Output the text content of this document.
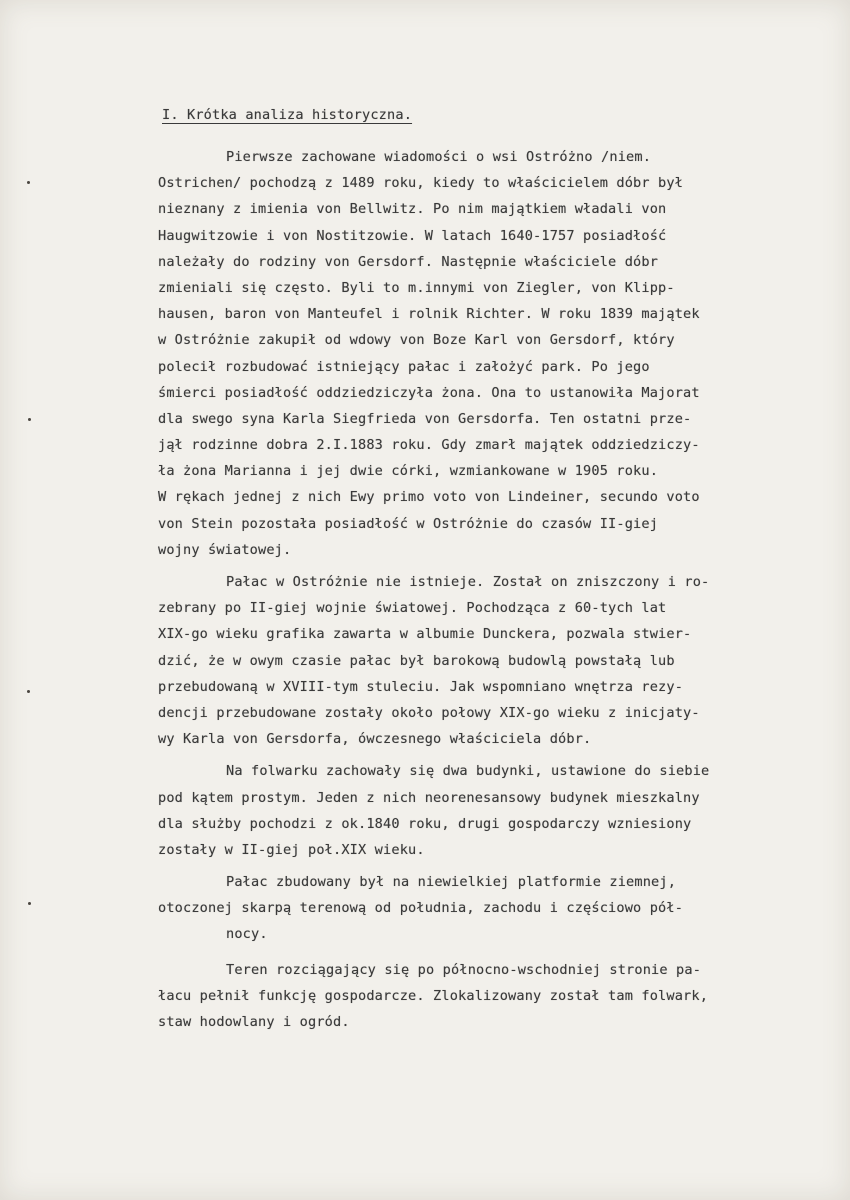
I. Krótka analiza historyczna.
Pierwsze zachowane wiadomości o wsi Ostróżno /niem.
Ostrichen/ pochodzą z 1489 roku, kiedy to właścicielem dóbr był
nieznany z imienia von Bellwitz. Po nim majątkiem władali von
Haugwitzowie i von Nostitzowie. W latach 1640-1757 posiadłość
należały do rodziny von Gersdorf. Następnie właściciele dóbr
zmieniali się często. Byli to m.innymi von Ziegler, von Klipp-
hausen, baron von Manteufel i rolnik Richter. W roku 1839 majątek
w Ostróżnie zakupił od wdowy von Boze Karl von Gersdorf, który
polecił rozbudować istniejący pałac i założyć park. Po jego
śmierci posiadłość oddziedziczyła żona. Ona to ustanowiła Majorat
dla swego syna Karla Siegfrieda von Gersdorfa. Ten ostatni prze-
jął rodzinne dobra 2.I.1883 roku. Gdy zmarł majątek oddziedziczy-
ła żona Marianna i jej dwie córki, wzmiankowane w 1905 roku.
W rękach jednej z nich Ewy primo voto von Lindeiner, secundo voto
von Stein pozostała posiadłość w Ostróżnie do czasów II-giej
wojny światowej.
Pałac w Ostróżnie nie istnieje. Został on zniszczony i ro-
zebrany po II-giej wojnie światowej. Pochodząca z 60-tych lat
XIX-go wieku grafika zawarta w albumie Dunckera, pozwala stwier-
dzić, że w owym czasie pałac był barokową budowlą powstałą lub
przebudowaną w XVIII-tym stuleciu. Jak wspomniano wnętrza rezy-
dencji przebudowane zostały około połowy XIX-go wieku z inicjaty-
wy Karla von Gersdorfa, ówczesnego właściciela dóbr.
Na folwarku zachowały się dwa budynki, ustawione do siebie
pod kątem prostym. Jeden z nich neorenesansowy budynek mieszkalny
dla służby pochodzi z ok.1840 roku, drugi gospodarczy wzniesiony
zostały w II-giej poł.XIX wieku.
Pałac zbudowany był na niewielkiej platformie ziemnej,
otoczonej skarpą terenową od południa, zachodu i częściowo pół-
nocy.
Teren rozciągający się po północno-wschodniej stronie pa-
łacu pełnił funkcję gospodarcze. Zlokalizowany został tam folwark,
staw hodowlany i ogród.
